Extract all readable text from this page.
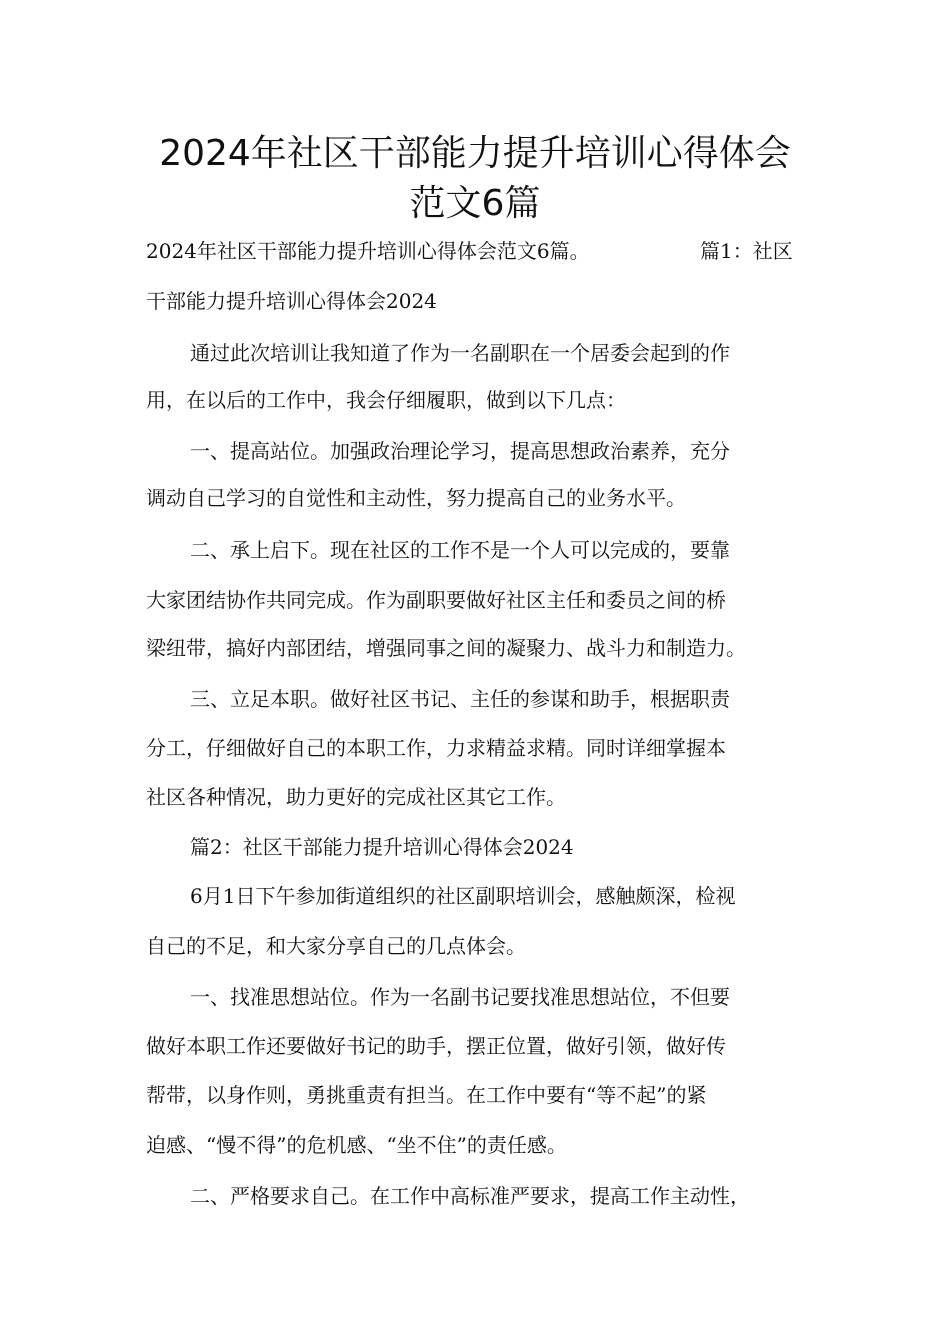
2024年社区干部能力提升培训心得体会
范文6篇

2024年社区干部能力提升培训心得体会范文6篇。	篇1：社区

干部能力提升培训心得体会2024

通过此次培训让我知道了作为一名副职在一个居委会起到的作

用，在以后的工作中，我会仔细履职，做到以下几点：

一、提高站位。加强政治理论学习，提高思想政治素养，充分

调动自己学习的自觉性和主动性，努力提高自己的业务水平。

二、承上启下。现在社区的工作不是一个人可以完成的，要靠

大家团结协作共同完成。作为副职要做好社区主任和委员之间的桥

梁纽带，搞好内部团结，增强同事之间的凝聚力、战斗力和制造力。

三、立足本职。做好社区书记、主任的参谋和助手，根据职责

分工，仔细做好自己的本职工作，力求精益求精。同时详细掌握本

社区各种情况，助力更好的完成社区其它工作。

篇2：社区干部能力提升培训心得体会2024

6月1日下午参加街道组织的社区副职培训会，感触颇深，检视

自己的不足，和大家分享自己的几点体会。

一、找准思想站位。作为一名副书记要找准思想站位，不但要

做好本职工作还要做好书记的助手，摆正位置，做好引领，做好传

帮带，以身作则，勇挑重责有担当。在工作中要有“等不起”的紧

迫感、“慢不得”的危机感、“坐不住”的责任感。

二、严格要求自己。在工作中高标准严要求，提高工作主动性，
